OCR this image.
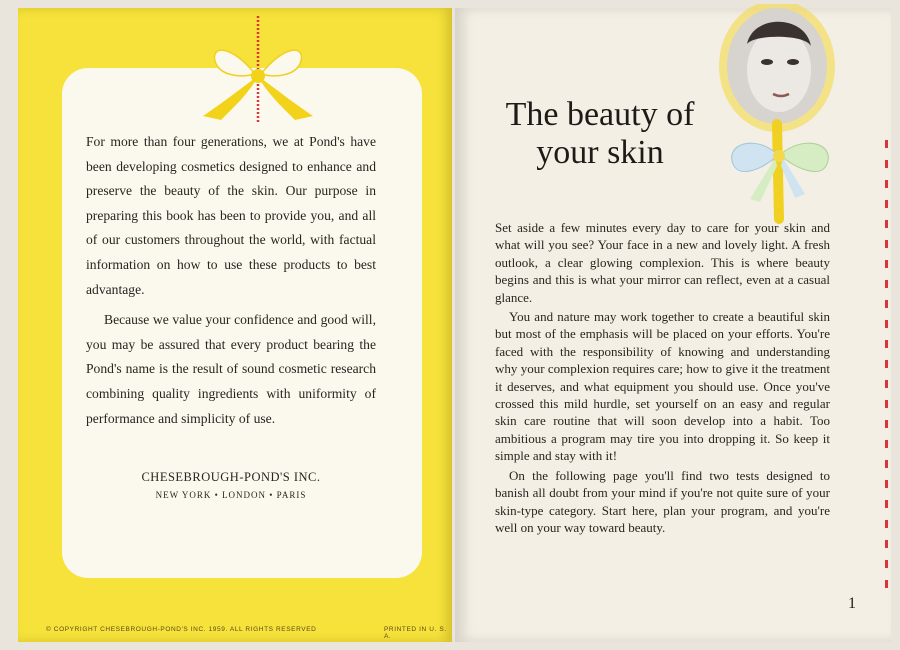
© COPYRIGHT CHESEBROUGH-POND'S INC. 1959. ALL RIGHTS RESERVED	PRINTED IN U. S. A.

For more than four generations, we at Pond's have been developing cosmetics designed to enhance and preserve the beauty of the skin. Our purpose in preparing this book has been to provide you, and all of our customers throughout the world, with factual information on how to use these products to best advantage.

Because we value your confidence and good will, you may be assured that every product bearing the Pond's name is the result of sound cosmetic research combining quality ingredients with uniformity of performance and simplicity of use.

CHESEBROUGH-POND'S INC.
NEW YORK • LONDON • PARIS
The beauty of
your skin

Set aside a few minutes every day to care for your skin and what will you see? Your face in a new and lovely light. A fresh outlook, a clear glowing complexion. This is where beauty begins and this is what your mirror can reflect, even at a casual glance.

You and nature may work together to create a beautiful skin but most of the emphasis will be placed on your efforts. You're faced with the responsibility of knowing and understanding why your complexion requires care; how to give it the treatment it deserves, and what equipment you should use. Once you've crossed this mild hurdle, set yourself on an easy and regular skin care routine that will soon develop into a habit. Too ambitious a program may tire you into dropping it. So keep it simple and stay with it!

On the following page you'll find two tests designed to banish all doubt from your mind if you're not quite sure of your skin-type category. Start here, plan your program, and you're well on your way toward beauty.

1
